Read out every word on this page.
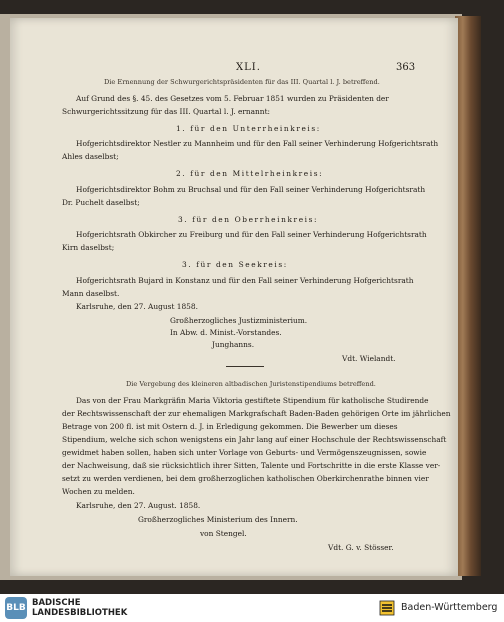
XLI.	363
Die Ernennung der Schwurgerichtspräsidenten für das III. Quartal l. J. betreffend.
Auf Grund des §. 45. des Gesetzes vom 5. Februar 1851 wurden zu Präsidenten der
Schwurgerichtssitzung für das III. Quartal l. J. ernannt:
1. für den Unterrheinkreis:
Hofgerichtsdirektor Nestler zu Mannheim und für den Fall seiner Verhinderung Hofgerichtsrath
Ahles daselbst;
2. für den Mittelrheinkreis:
Hofgerichtsdirektor Bohm zu Bruchsal und für den Fall seiner Verhinderung Hofgerichtsrath
Dr. Puchelt daselbst;
3. für den Oberrheinkreis:
Hofgerichtsrath Obkircher zu Freiburg und für den Fall seiner Verhinderung Hofgerichtsrath
Kirn daselbst;
3. für den Seekreis:
Hofgerichtsrath Bujard in Konstanz und für den Fall seiner Verhinderung Hofgerichtsrath
Mann daselbst.
Karlsruhe, den 27. August 1858.
Großherzogliches Justizministerium.
In Abw. d. Minist.-Vorstandes.
Junghanns.
Vdt. Wielandt.
Die Vergebung des kleineren altbadischen Juristenstipendiums betreffend.
Das von der Frau Markgräfin Maria Viktoria gestiftete Stipendium für katholische Studirende
der Rechtswissenschaft der zur ehemaligen Markgrafschaft Baden-Baden gehörigen Orte im jährlichen
Betrage von 200 fl. ist mit Ostern d. J. in Erledigung gekommen. Die Bewerber um dieses
Stipendium, welche sich schon wenigstens ein Jahr lang auf einer Hochschule der Rechtswissenschaft
gewidmet haben sollen, haben sich unter Vorlage von Geburts- und Vermögenszeugnissen, sowie
der Nachweisung, daß sie rücksichtlich ihrer Sitten, Talente und Fortschritte in die erste Klasse ver-
setzt zu werden verdienen, bei dem großherzoglichen katholischen Oberkirchenrathe binnen vier
Wochen zu melden.
Karlsruhe, den 27. August. 1858.
Großherzogliches Ministerium des Innern.
von Stengel.
Vdt. G. v. Stösser.
BLB BADISCHE
LANDESBIBLIOTHEK	Baden-Württemberg
